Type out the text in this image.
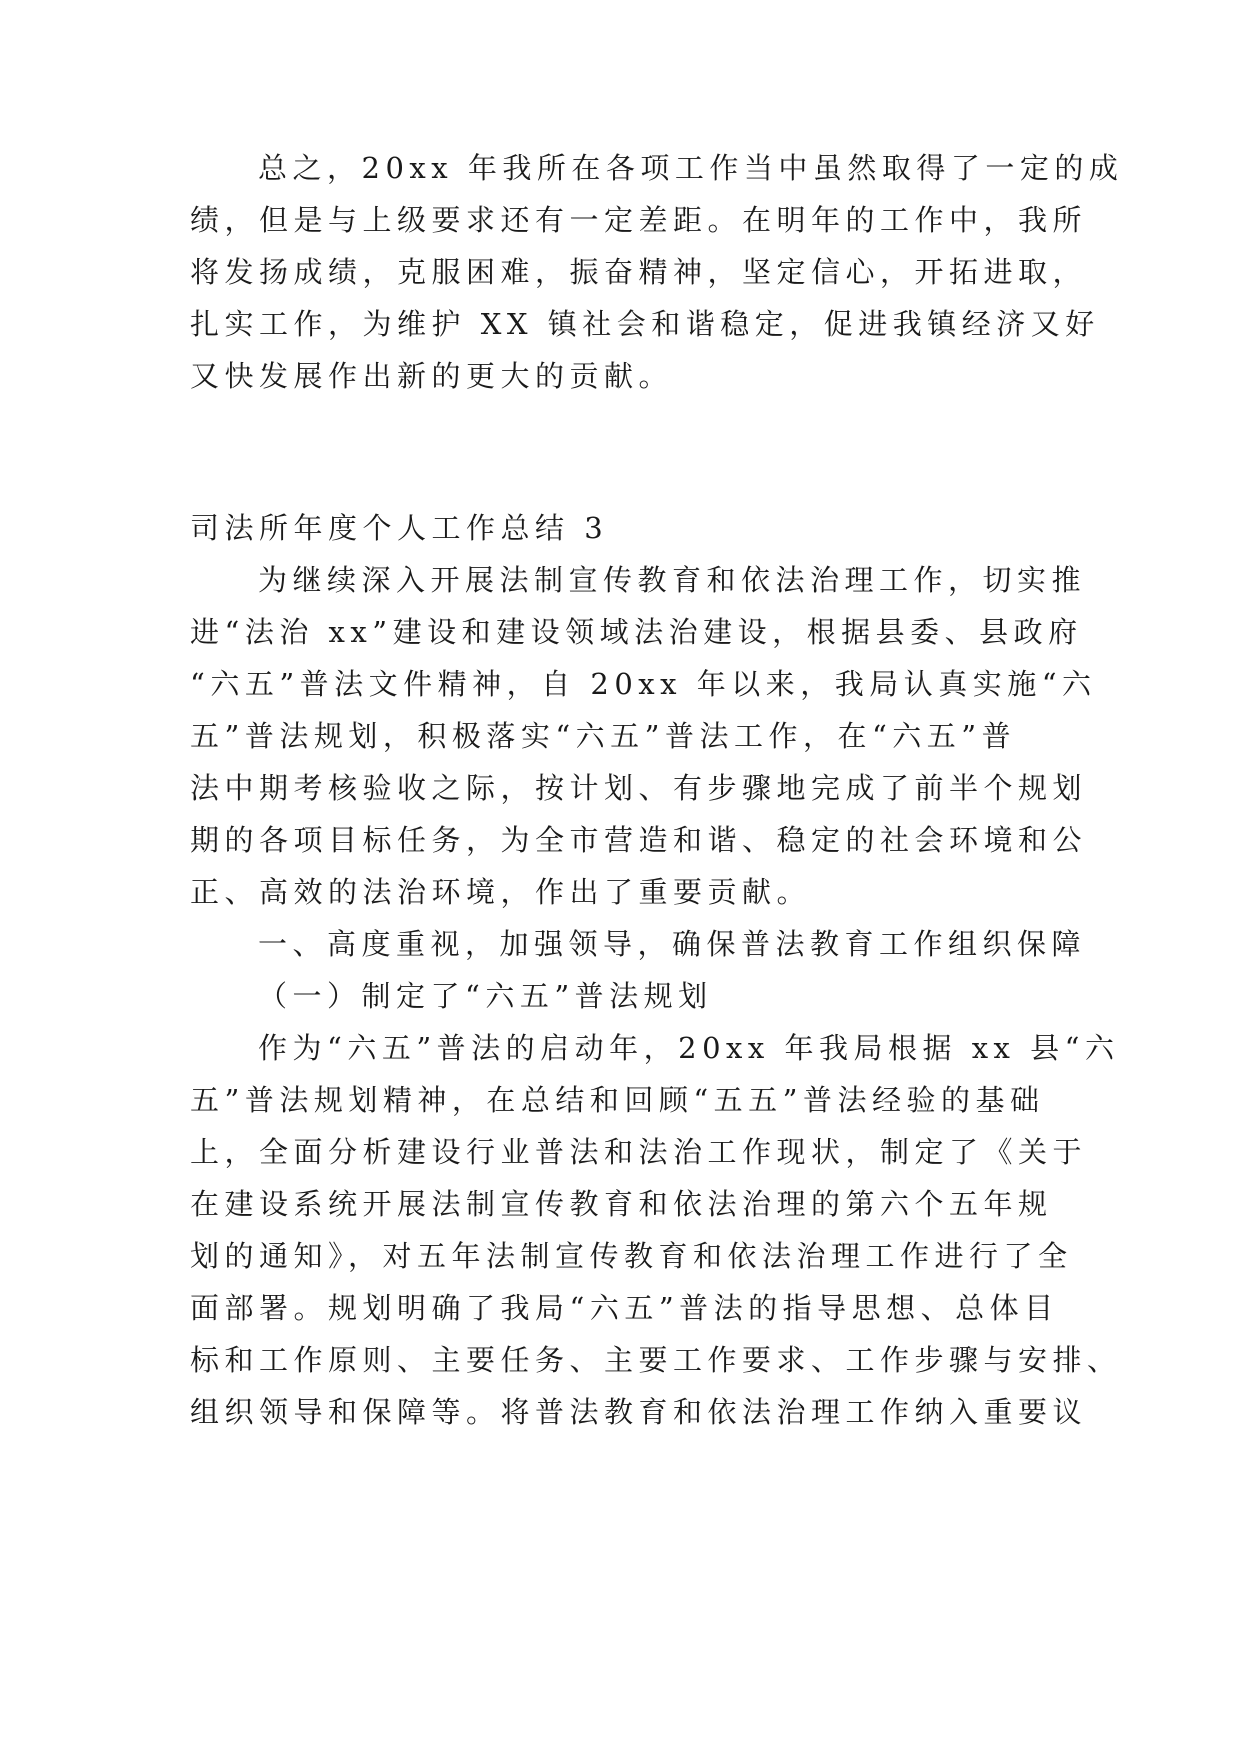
总之，20xx 年我所在各项工作当中虽然取得了一定的成
绩，但是与上级要求还有一定差距。在明年的工作中，我所
将发扬成绩，克服困难，振奋精神，坚定信心，开拓进取，
扎实工作，为维护 XX 镇社会和谐稳定，促进我镇经济又好
又快发展作出新的更大的贡献。
司法所年度个人工作总结 3
为继续深入开展法制宣传教育和依法治理工作，切实推
进“法治 xx”建设和建设领域法治建设，根据县委、县政府
“六五”普法文件精神，自 20xx 年以来，我局认真实施“六
五”普法规划，积极落实“六五”普法工作，在“六五”普
法中期考核验收之际，按计划、有步骤地完成了前半个规划
期的各项目标任务，为全市营造和谐、稳定的社会环境和公
正、高效的法治环境，作出了重要贡献。
一、高度重视，加强领导，确保普法教育工作组织保障
（一）制定了“六五”普法规划
作为“六五”普法的启动年，20xx 年我局根据 xx 县“六
五”普法规划精神，在总结和回顾“五五”普法经验的基础
上，全面分析建设行业普法和法治工作现状，制定了《关于
在建设系统开展法制宣传教育和依法治理的第六个五年规
划的通知》，对五年法制宣传教育和依法治理工作进行了全
面部署。规划明确了我局“六五”普法的指导思想、总体目
标和工作原则、主要任务、主要工作要求、工作步骤与安排、
组织领导和保障等。将普法教育和依法治理工作纳入重要议
